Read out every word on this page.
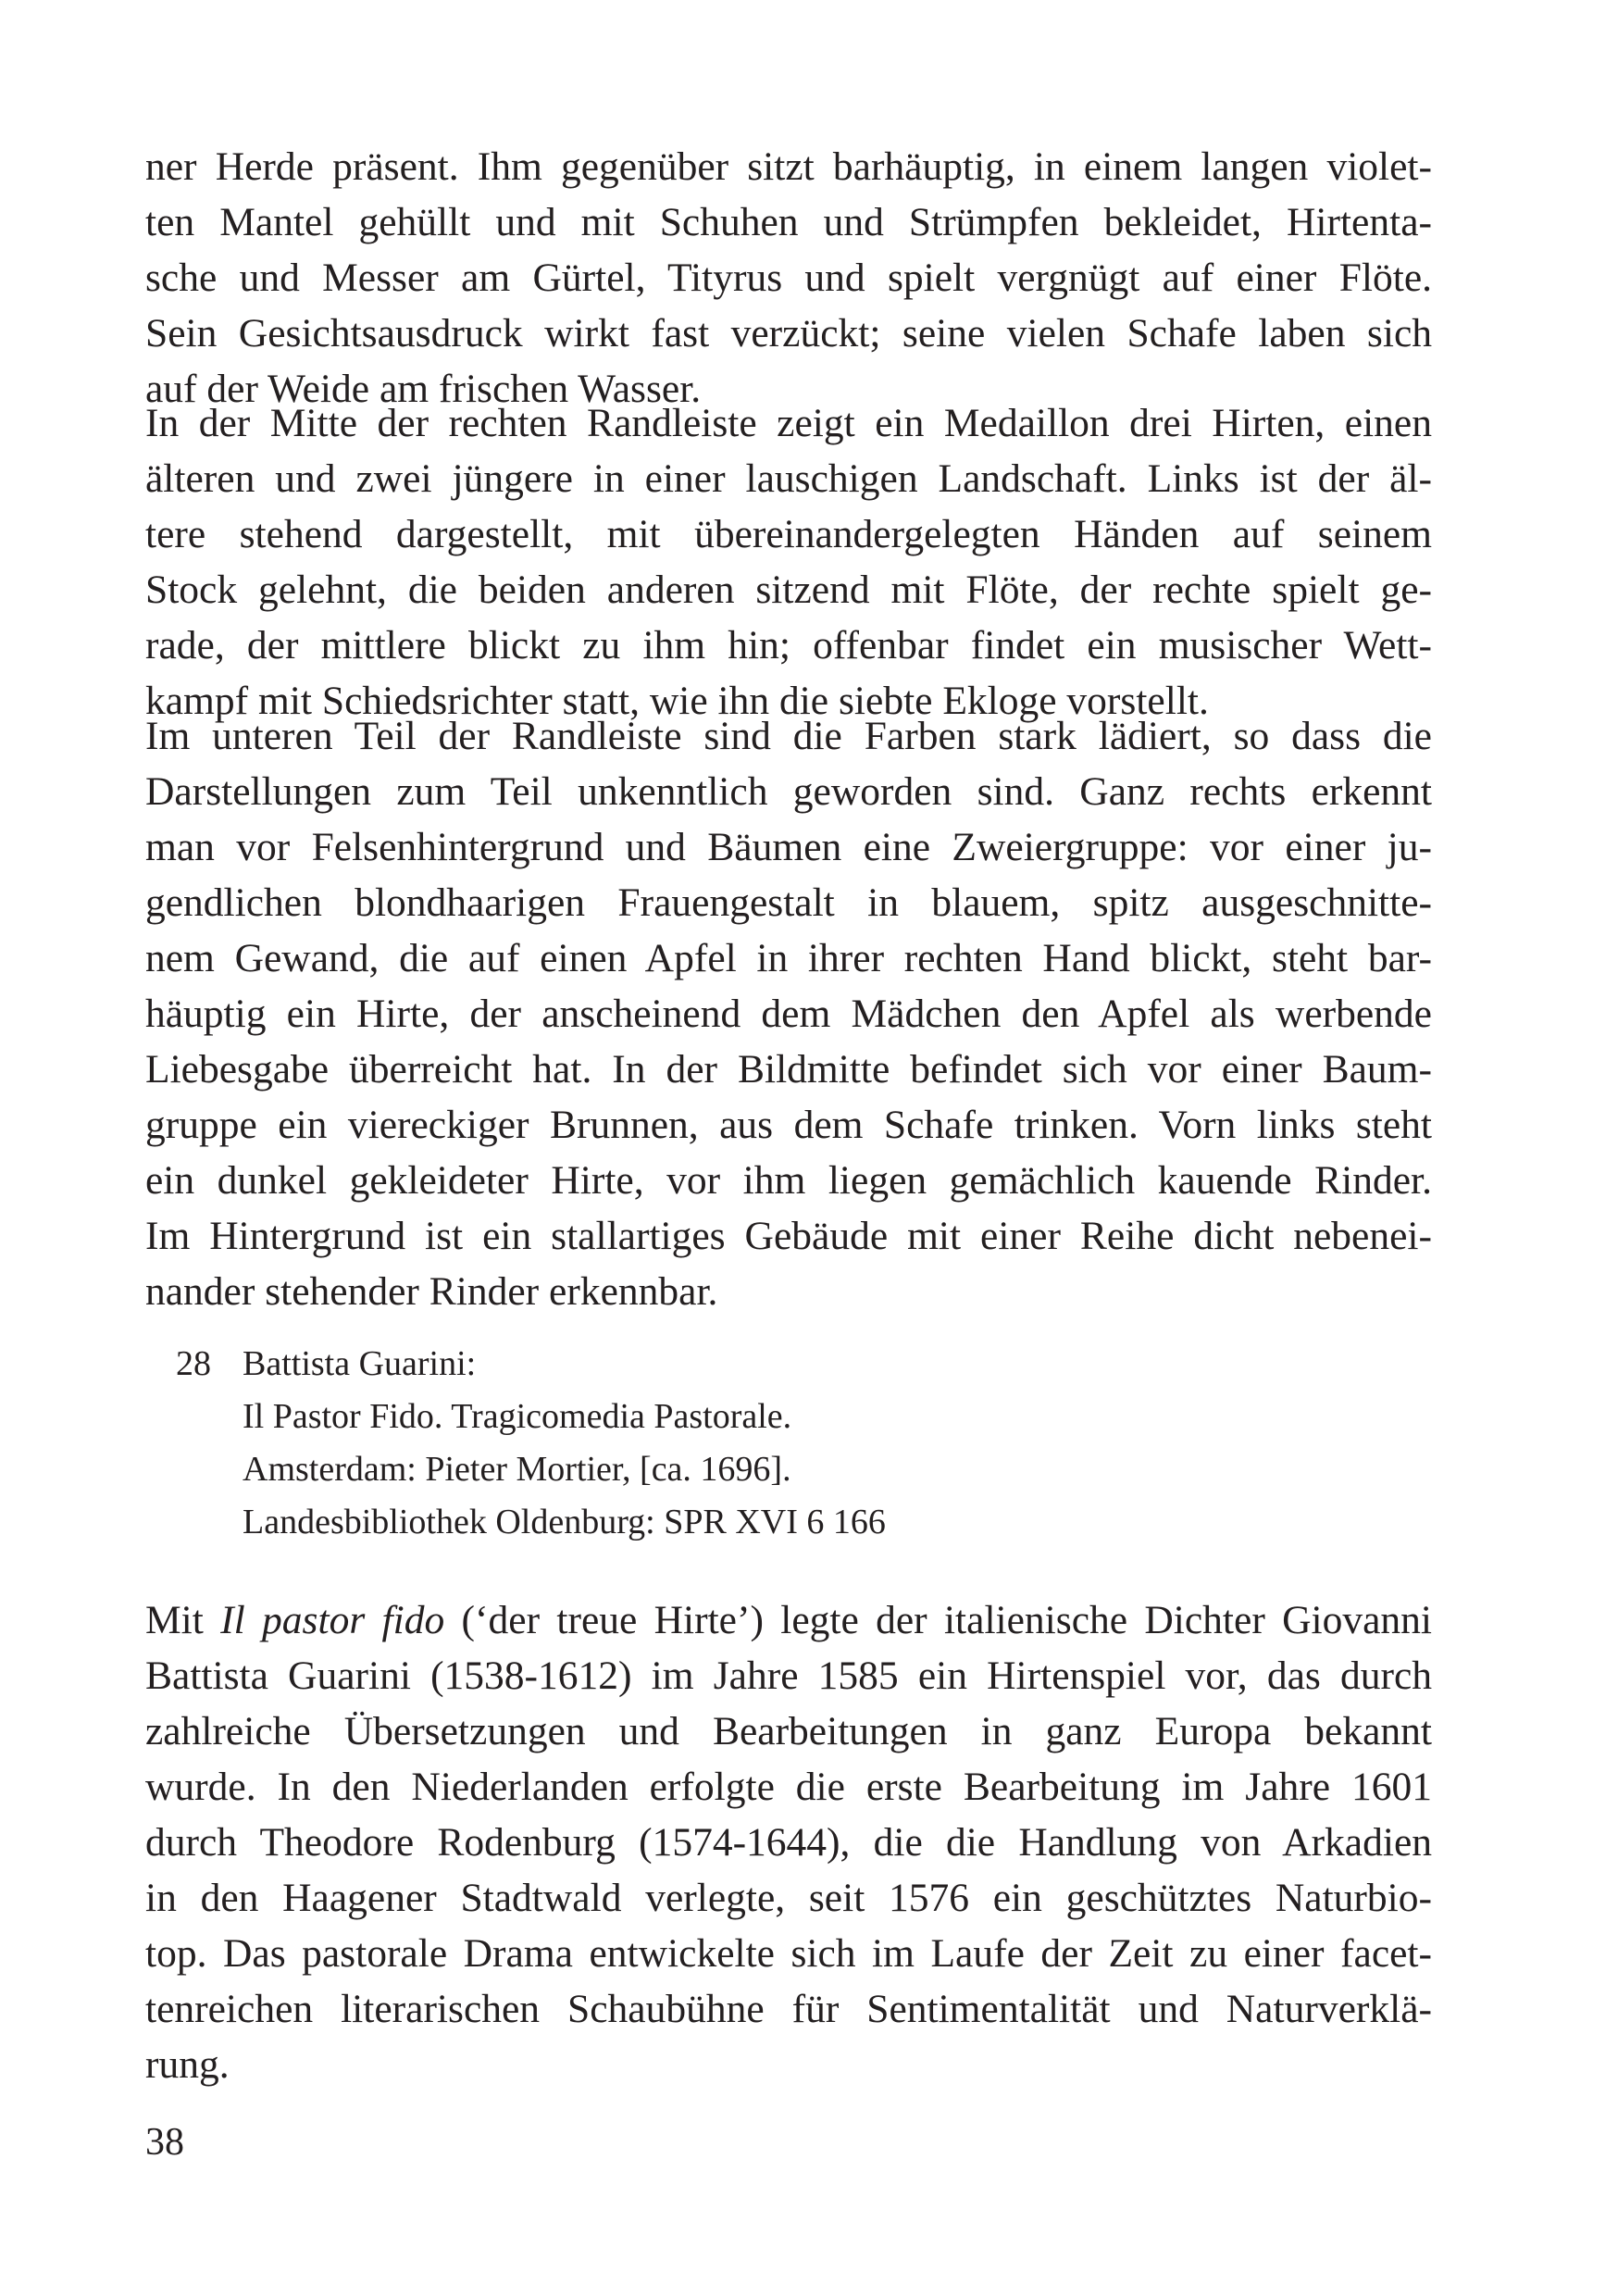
ner Herde präsent. Ihm gegenüber sitzt barhäuptig, in einem langen violet-
ten Mantel gehüllt und mit Schuhen und Strümpfen bekleidet, Hirtenta-
sche und Messer am Gürtel, Tityrus und spielt vergnügt auf einer Flöte.
Sein Gesichtsausdruck wirkt fast verzückt; seine vielen Schafe laben sich
auf der Weide am frischen Wasser.
In der Mitte der rechten Randleiste zeigt ein Medaillon drei Hirten, einen
älteren und zwei jüngere in einer lauschigen Landschaft. Links ist der äl-
tere stehend dargestellt, mit übereinandergelegten Händen auf seinem
Stock gelehnt, die beiden anderen sitzend mit Flöte, der rechte spielt ge-
rade, der mittlere blickt zu ihm hin; offenbar findet ein musischer Wett-
kampf mit Schiedsrichter statt, wie ihn die siebte Ekloge vorstellt.
Im unteren Teil der Randleiste sind die Farben stark lädiert, so dass die
Darstellungen zum Teil unkenntlich geworden sind. Ganz rechts erkennt
man vor Felsenhintergrund und Bäumen eine Zweiergruppe: vor einer ju-
gendlichen blondhaarigen Frauengestalt in blauem, spitz ausgeschnitte-
nem Gewand, die auf einen Apfel in ihrer rechten Hand blickt, steht bar-
häuptig ein Hirte, der anscheinend dem Mädchen den Apfel als werbende
Liebesgabe überreicht hat. In der Bildmitte befindet sich vor einer Baum-
gruppe ein viereckiger Brunnen, aus dem Schafe trinken. Vorn links steht
ein dunkel gekleideter Hirte, vor ihm liegen gemächlich kauende Rinder.
Im Hintergrund ist ein stallartiges Gebäude mit einer Reihe dicht nebenei-
nander stehender Rinder erkennbar.
28 Battista Guarini:
Il Pastor Fido. Tragicomedia Pastorale.
Amsterdam: Pieter Mortier, [ca. 1696].
Landesbibliothek Oldenburg: SPR XVI 6 166
Mit Il pastor fido (‘der treue Hirte’) legte der italienische Dichter Giovanni
Battista Guarini (1538-1612) im Jahre 1585 ein Hirtenspiel vor, das durch
zahlreiche Übersetzungen und Bearbeitungen in ganz Europa bekannt
wurde. In den Niederlanden erfolgte die erste Bearbeitung im Jahre 1601
durch Theodore Rodenburg (1574-1644), die die Handlung von Arkadien
in den Haagener Stadtwald verlegte, seit 1576 ein geschütztes Naturbio-
top. Das pastorale Drama entwickelte sich im Laufe der Zeit zu einer facet-
tenreichen literarischen Schaubühne für Sentimentalität und Naturverklä-
rung.
38
